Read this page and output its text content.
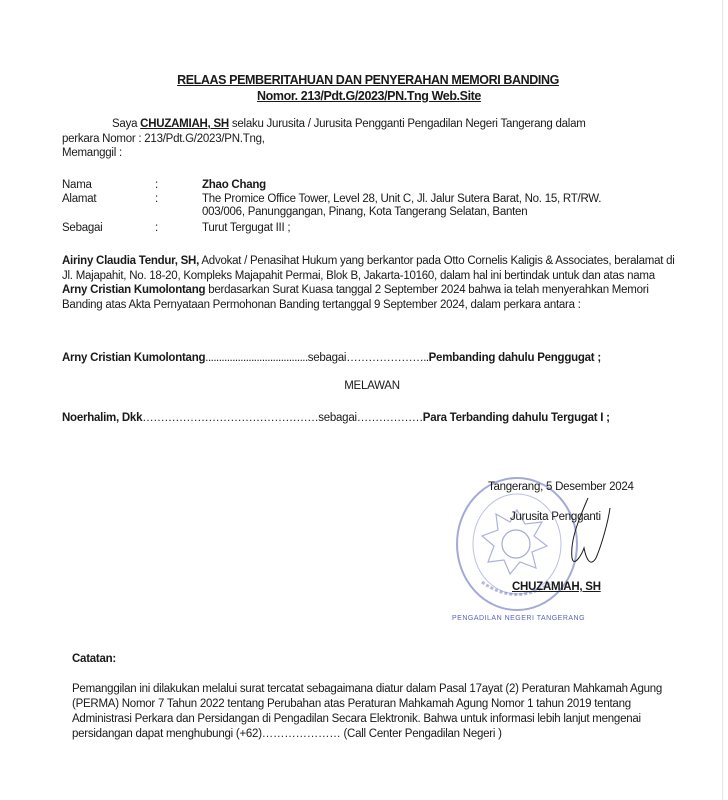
RELAAS PEMBERITAHUAN DAN PENYERAHAN MEMORI BANDING
Nomor. 213/Pdt.G/2023/PN.Tng Web.Site
Saya CHUZAMIAH, SH selaku Jurusita / Jurusita Pengganti Pengadilan Negeri Tangerang dalam
perkara Nomor : 213/Pdt.G/2023/PN.Tng,
Memanggil :
Nama	:	Zhao Chang
Alamat	:	The Promice Office Tower, Level 28, Unit C, Jl. Jalur Sutera Barat, No. 15, RT/RW.
003/006, Panunggangan, Pinang, Kota Tangerang Selatan, Banten
Sebagai	:	Turut Tergugat III ;
Airiny Claudia Tendur, SH, Advokat / Penasihat Hukum yang berkantor pada Otto Cornelis Kaligis & Associates, beralamat di Jl. Majapahit, No. 18-20, Kompleks Majapahit Permai, Blok B, Jakarta-10160, dalam hal ini bertindak untuk dan atas nama Arny Cristian Kumolontang berdasarkan Surat Kuasa tanggal 2 September 2024 bahwa ia telah menyerahkan Memori Banding atas Akta Pernyataan Permohonan Banding tertanggal 9 September 2024, dalam perkara antara :
Arny Cristian Kumolontang......................................sebagai…………………..Pembanding dahulu Penggugat ;
MELAWAN
Noerhalim, Dkk…………………………………………sebagai………………Para Terbanding dahulu Tergugat I ;
PENGADILAN NEGERI TANGERANG
Tangerang, 5 Desember 2024
Jurusita Pengganti
CHUZAMIAH, SH
Catatan:
Pemanggilan ini dilakukan melalui surat tercatat sebagaimana diatur dalam Pasal 17ayat (2) Peraturan Mahkamah Agung (PERMA) Nomor 7 Tahun 2022 tentang Perubahan atas Peraturan Mahkamah Agung Nomor 1 tahun 2019 tentang Administrasi Perkara dan Persidangan di Pengadilan Secara Elektronik. Bahwa untuk informasi lebih lanjut mengenai persidangan dapat menghubungi (+62)………………… (Call Center Pengadilan Negeri )
